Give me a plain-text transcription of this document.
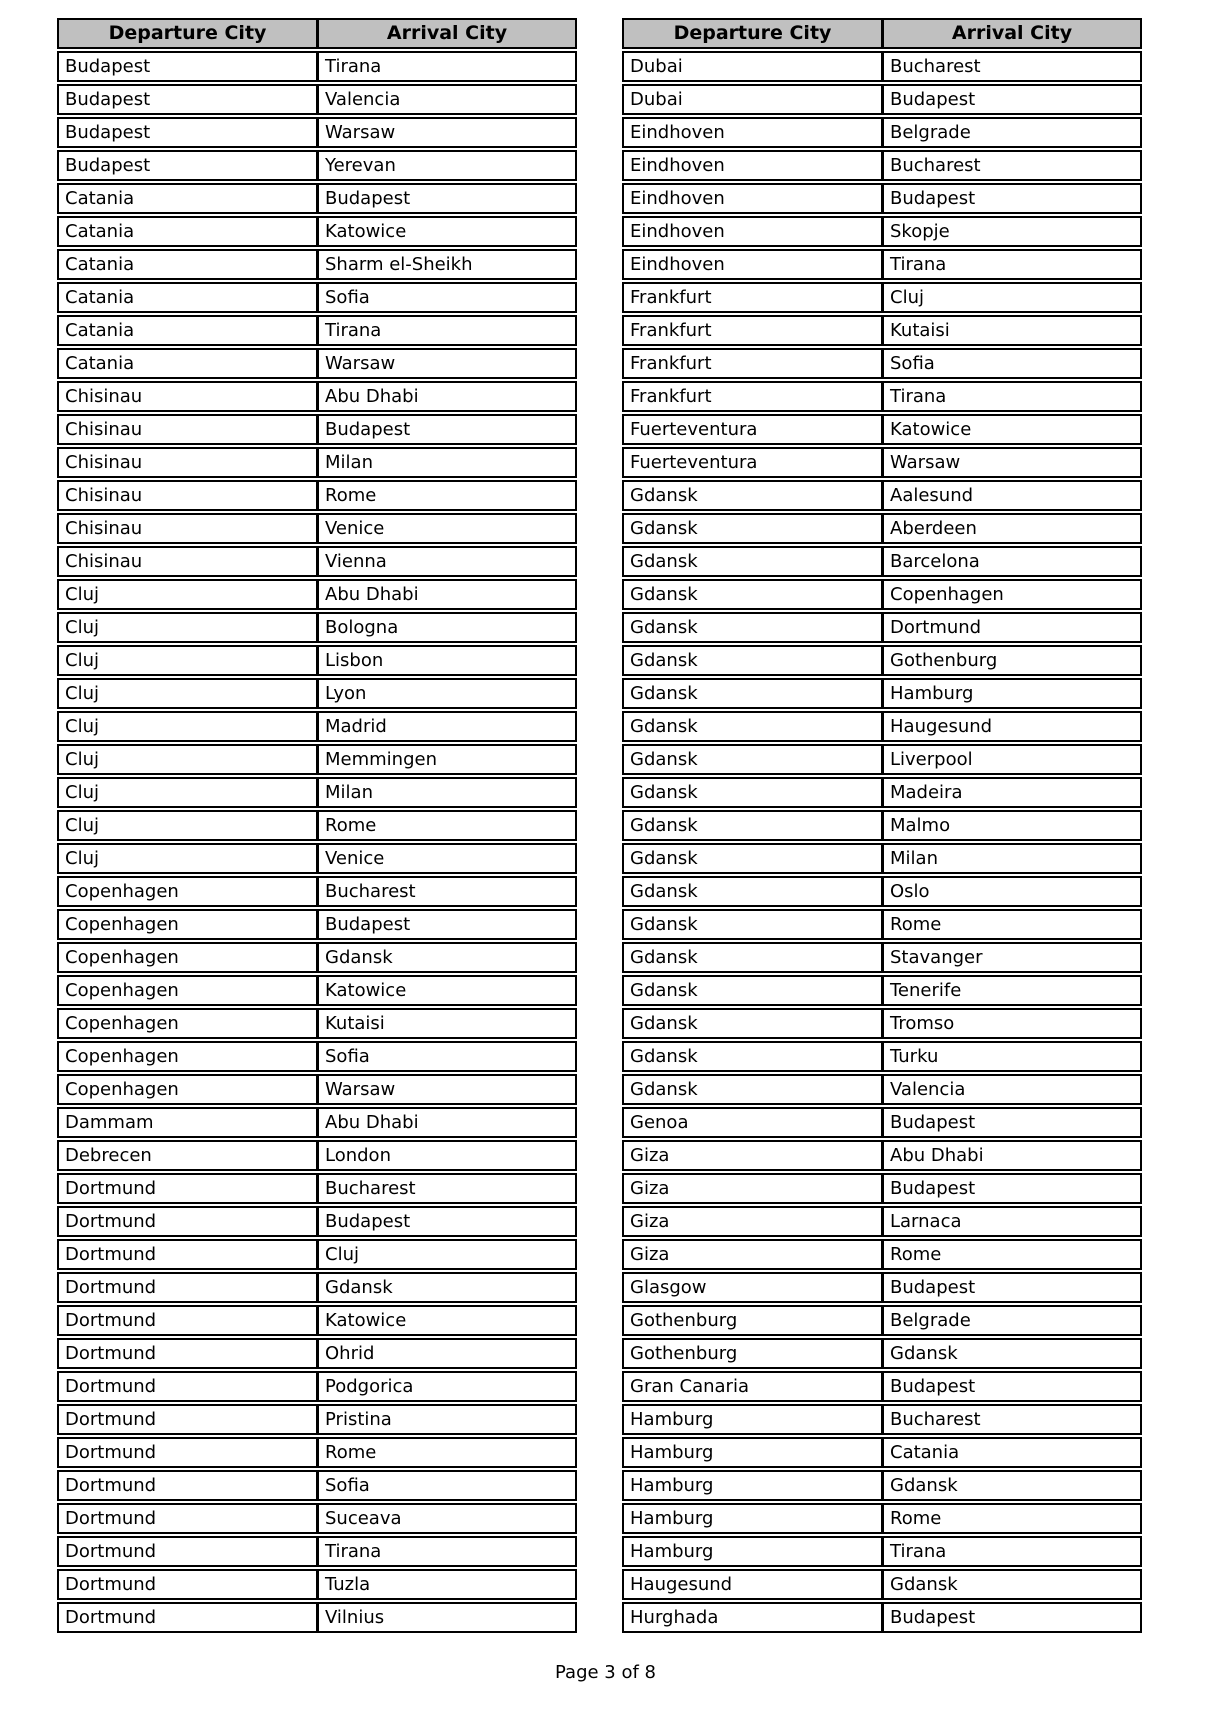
Departure City	Arrival City
Budapest	Tirana
Budapest	Valencia
Budapest	Warsaw
Budapest	Yerevan
Catania	Budapest
Catania	Katowice
Catania	Sharm el-Sheikh
Catania	Sofia
Catania	Tirana
Catania	Warsaw
Chisinau	Abu Dhabi
Chisinau	Budapest
Chisinau	Milan
Chisinau	Rome
Chisinau	Venice
Chisinau	Vienna
Cluj	Abu Dhabi
Cluj	Bologna
Cluj	Lisbon
Cluj	Lyon
Cluj	Madrid
Cluj	Memmingen
Cluj	Milan
Cluj	Rome
Cluj	Venice
Copenhagen	Bucharest
Copenhagen	Budapest
Copenhagen	Gdansk
Copenhagen	Katowice
Copenhagen	Kutaisi
Copenhagen	Sofia
Copenhagen	Warsaw
Dammam	Abu Dhabi
Debrecen	London
Dortmund	Bucharest
Dortmund	Budapest
Dortmund	Cluj
Dortmund	Gdansk
Dortmund	Katowice
Dortmund	Ohrid
Dortmund	Podgorica
Dortmund	Pristina
Dortmund	Rome
Dortmund	Sofia
Dortmund	Suceava
Dortmund	Tirana
Dortmund	Tuzla
Dortmund	Vilnius
Departure City	Arrival City
Dubai	Bucharest
Dubai	Budapest
Eindhoven	Belgrade
Eindhoven	Bucharest
Eindhoven	Budapest
Eindhoven	Skopje
Eindhoven	Tirana
Frankfurt	Cluj
Frankfurt	Kutaisi
Frankfurt	Sofia
Frankfurt	Tirana
Fuerteventura	Katowice
Fuerteventura	Warsaw
Gdansk	Aalesund
Gdansk	Aberdeen
Gdansk	Barcelona
Gdansk	Copenhagen
Gdansk	Dortmund
Gdansk	Gothenburg
Gdansk	Hamburg
Gdansk	Haugesund
Gdansk	Liverpool
Gdansk	Madeira
Gdansk	Malmo
Gdansk	Milan
Gdansk	Oslo
Gdansk	Rome
Gdansk	Stavanger
Gdansk	Tenerife
Gdansk	Tromso
Gdansk	Turku
Gdansk	Valencia
Genoa	Budapest
Giza	Abu Dhabi
Giza	Budapest
Giza	Larnaca
Giza	Rome
Glasgow	Budapest
Gothenburg	Belgrade
Gothenburg	Gdansk
Gran Canaria	Budapest
Hamburg	Bucharest
Hamburg	Catania
Hamburg	Gdansk
Hamburg	Rome
Hamburg	Tirana
Haugesund	Gdansk
Hurghada	Budapest
Page 3 of 8
